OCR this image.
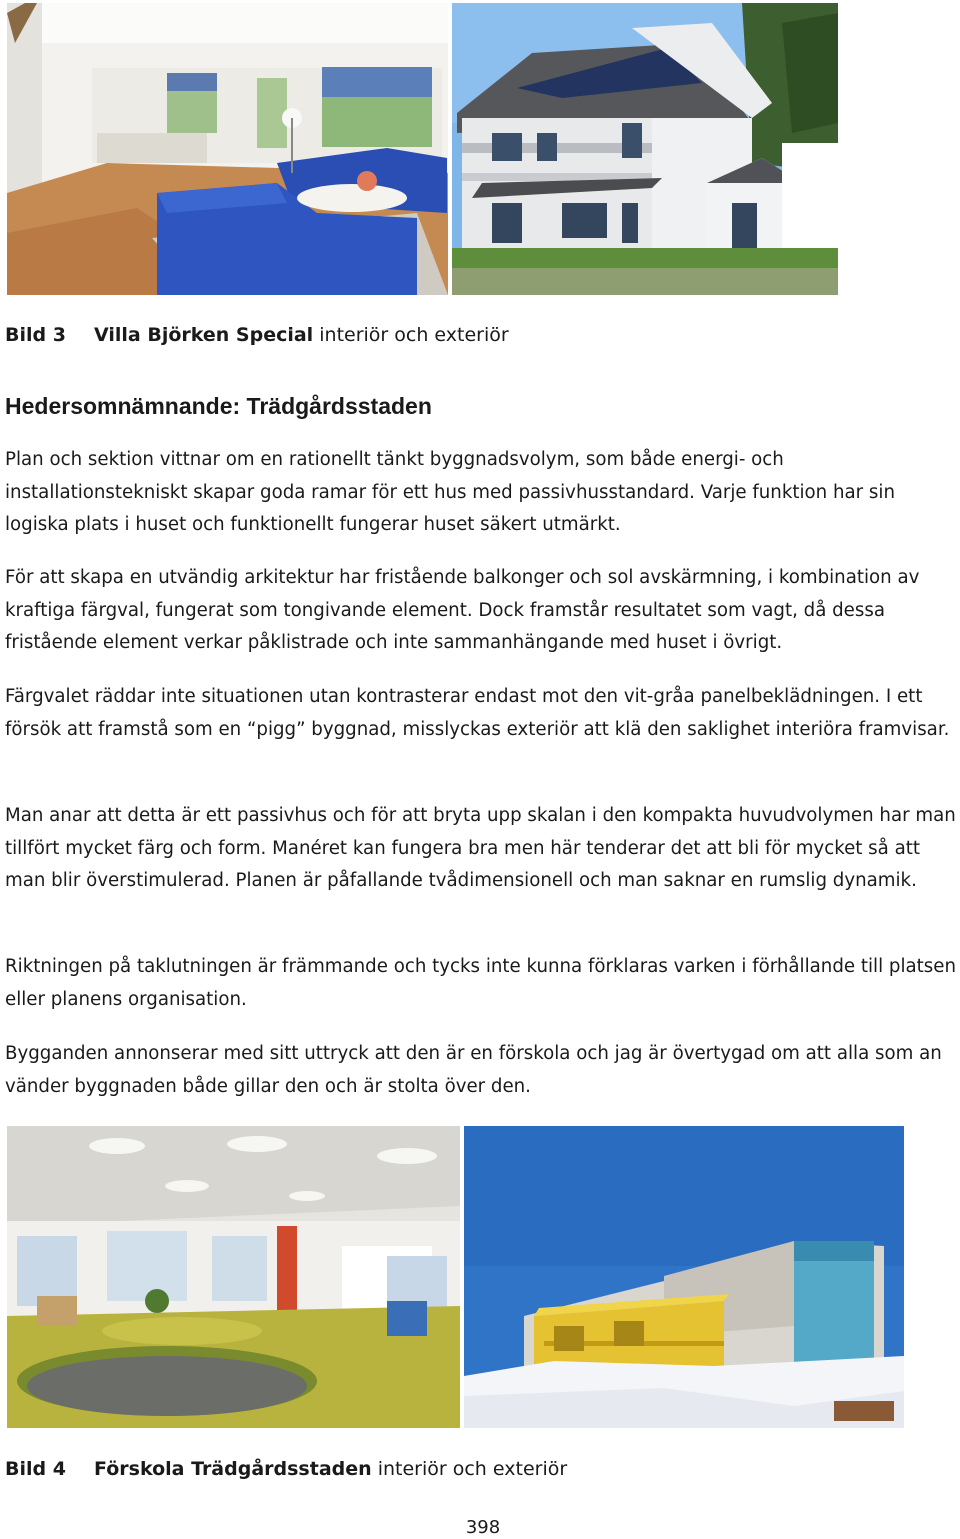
Bild 3 Villa Björken Special interiör och exteriör
Hedersomnämnande: Trädgårdsstaden

Plan och sektion vittnar om en rationellt tänkt byggnadsvolym, som både energi- och installationstekniskt skapar goda ramar för ett hus med passivhusstandard. Varje funktion har sin logiska plats i huset och funktionellt fungerar huset säkert utmärkt.

För att skapa en utvändig arkitektur har fristående balkonger och sol avskärmning, i kombination av kraftiga färgval, fungerat som tongivande element. Dock framstår resultatet som vagt, då dessa fristående element verkar påklistrade och inte sammanhängande med huset i övrigt.

Färgvalet räddar inte situationen utan kontrasterar endast mot den vit-gråa panelbeklädningen. I ett försök att framstå som en “pigg” byggnad, misslyckas exteriör att klä den saklighet interiöra framvisar.

Man anar att detta är ett passivhus och för att bryta upp skalan i den kompakta huvudvolymen har man tillfört mycket färg och form. Manéret kan fungera bra men här tenderar det att bli för mycket så att man blir överstimulerad. Planen är påfallande tvådimensionell och man saknar en rumslig dynamik.

Riktningen på taklutningen är främmande och tycks inte kunna förklaras varken i förhållande till platsen eller planens organisation.

Bygganden annonserar med sitt uttryck att den är en förskola och jag är övertygad om att alla som an vänder byggnaden både gillar den och är stolta över den.

Bild 4 Förskola Trädgårdsstaden interiör och exteriör
398
